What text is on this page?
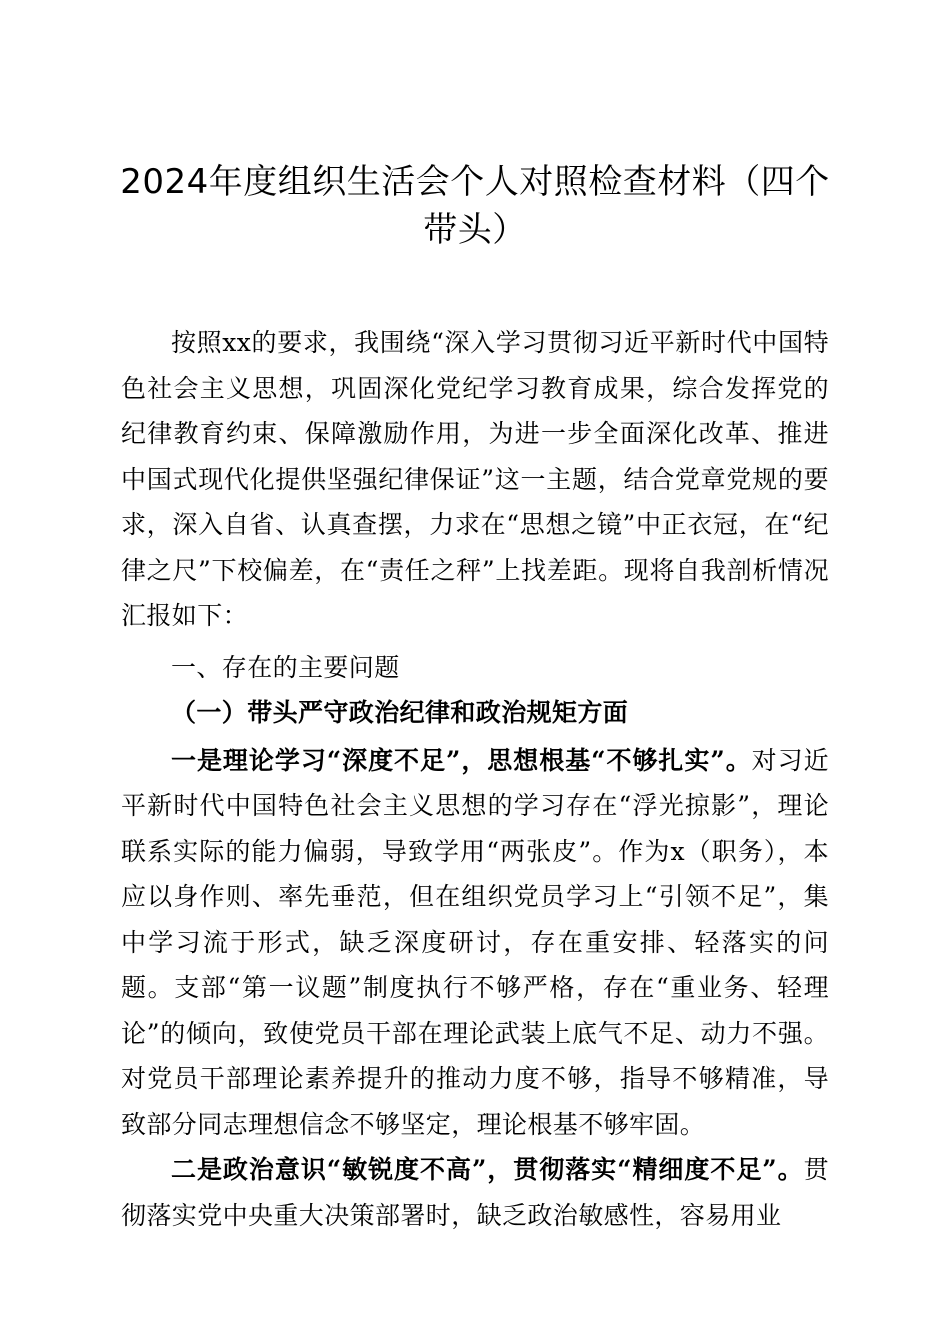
2024年度组织生活会个人对照检查材料（四个带头）

按照xx的要求，我围绕“深入学习贯彻习近平新时代中国特色社会主义思想，巩固深化党纪学习教育成果，综合发挥党的纪律教育约束、保障激励作用，为进一步全面深化改革、推进中国式现代化提供坚强纪律保证”这一主题，结合党章党规的要求，深入自省、认真查摆，力求在“思想之镜”中正衣冠，在“纪律之尺”下校偏差，在“责任之秤”上找差距。现将自我剖析情况汇报如下：

一、存在的主要问题

（一）带头严守政治纪律和政治规矩方面

一是理论学习“深度不足”，思想根基“不够扎实”。对习近平新时代中国特色社会主义思想的学习存在“浮光掠影”，理论联系实际的能力偏弱，导致学用“两张皮”。作为x（职务），本应以身作则、率先垂范，但在组织党员学习上“引领不足”，集中学习流于形式，缺乏深度研讨，存在重安排、轻落实的问题。支部“第一议题”制度执行不够严格，存在“重业务、轻理论”的倾向，致使党员干部在理论武装上底气不足、动力不强。对党员干部理论素养提升的推动力度不够，指导不够精准，导致部分同志理想信念不够坚定，理论根基不够牢固。

二是政治意识“敏锐度不高”，贯彻落实“精细度不足”。贯彻落实党中央重大决策部署时，缺乏政治敏感性，容易用业
